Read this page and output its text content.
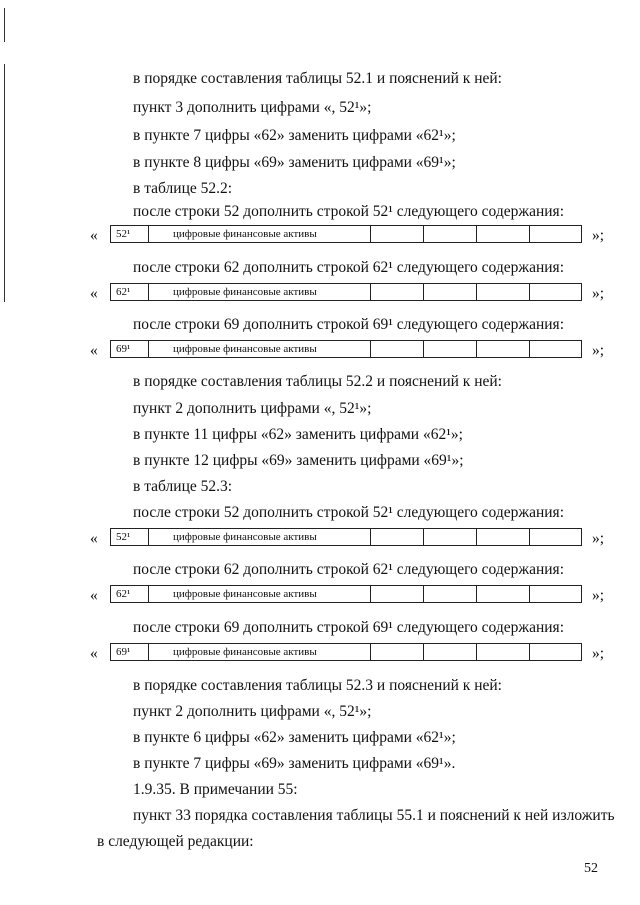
в порядке составления таблицы 52.1 и пояснений к ней:
пункт 3 дополнить цифрами «, 52¹»;
в пункте 7 цифры «62» заменить цифрами «62¹»;
в пункте 8 цифры «69» заменить цифрами «69¹»;
в таблице 52.2:
после строки 52 дополнить строкой 52¹ следующего содержания:
«	52¹	цифровые финансовые активы	»;
после строки 62 дополнить строкой 62¹ следующего содержания:
«	62¹	цифровые финансовые активы	»;
после строки 69 дополнить строкой 69¹ следующего содержания:
«	69¹	цифровые финансовые активы	»;
в порядке составления таблицы 52.2 и пояснений к ней:
пункт 2 дополнить цифрами «, 52¹»;
в пункте 11 цифры «62» заменить цифрами «62¹»;
в пункте 12 цифры «69» заменить цифрами «69¹»;
в таблице 52.3:
после строки 52 дополнить строкой 52¹ следующего содержания:
«	52¹	цифровые финансовые активы	»;
после строки 62 дополнить строкой 62¹ следующего содержания:
«	62¹	цифровые финансовые активы	»;
после строки 69 дополнить строкой 69¹ следующего содержания:
«	69¹	цифровые финансовые активы	»;
в порядке составления таблицы 52.3 и пояснений к ней:
пункт 2 дополнить цифрами «, 52¹»;
в пункте 6 цифры «62» заменить цифрами «62¹»;
в пункте 7 цифры «69» заменить цифрами «69¹».
1.9.35. В примечании 55:
пункт 33 порядка составления таблицы 55.1 и пояснений к ней изложить
в следующей редакции:
52
